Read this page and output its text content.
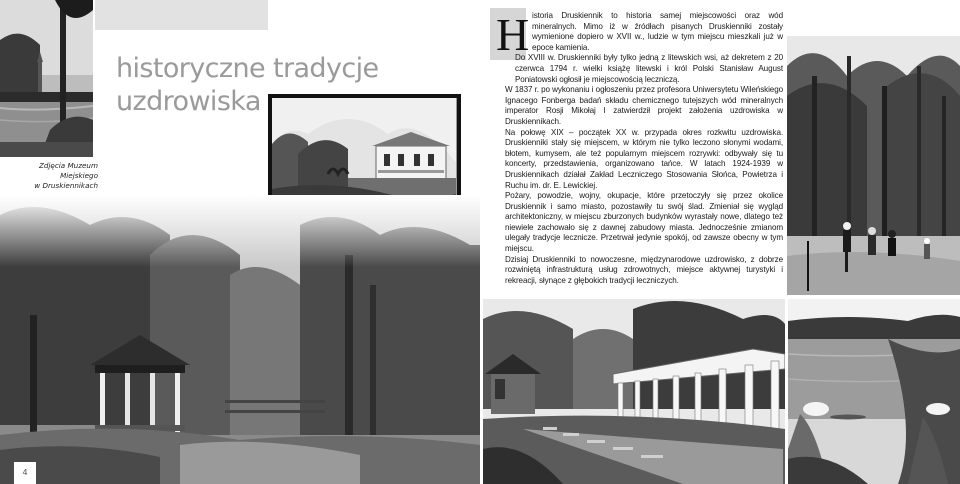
historyczne tradycje
uzdrowiska
Zdjęcia Muzeum Miejskiego
w Druskiennikach
4
H istoria Druskiennik to historia samej miejscowości oraz wód mineralnych. Mimo iż w źródłach pisanych Druskienniki zostały wymienione dopiero w XVII w., ludzie w tym miejscu mieszkali już w epoce kamienia.

Do XVIII w. Druskienniki były tylko jedną z litewskich wsi, aż dekretem z 20 czerwca 1794 r. wielki książę litewski i król Polski Stanisław August Poniatowski ogłosił je miejscowością leczniczą.

W 1837 r. po wykonaniu i ogłoszeniu przez profesora Uniwersytetu Wileńskiego Ignacego Fonberga badań składu chemicznego tutejszych wód mineralnych imperator Rosji Mikołaj I zatwierdził projekt założenia uzdrowiska w Druskiennikach.

Na połowę XIX – początek XX w. przypada okres rozkwitu uzdrowiska. Druskienniki stały się miejscem, w którym nie tylko leczono słonymi wodami, błotem, kumysem, ale też popularnym miejscem rozrywki: odbywały się tu koncerty, przedstawienia, organizowano tańce. W latach 1924-1939 w Druskiennikach działał Zakład Leczniczego Stosowania Słońca, Powietrza i Ruchu im. dr. E. Lewickiej.

Pożary, powodzie, wojny, okupacje, które przetoczyły się przez okolice Druskiennik i samo miasto, pozostawiły tu swój ślad. Zmieniał się wygląd architektoniczny, w miejscu zburzonych budynków wyrastały nowe, dlatego też niewiele zachowało się z dawnej zabudowy miasta. Jednocześnie zmianom ulegały tradycje lecznicze. Przetrwał jedynie spokój, od zawsze obecny w tym miejscu.

Dzisiaj Druskienniki to nowoczesne, międzynarodowe uzdrowisko, z dobrze rozwiniętą infrastrukturą usług zdrowotnych, miejsce aktywnej turystyki i rekreacji, słynące z głębokich tradycji leczniczych.
